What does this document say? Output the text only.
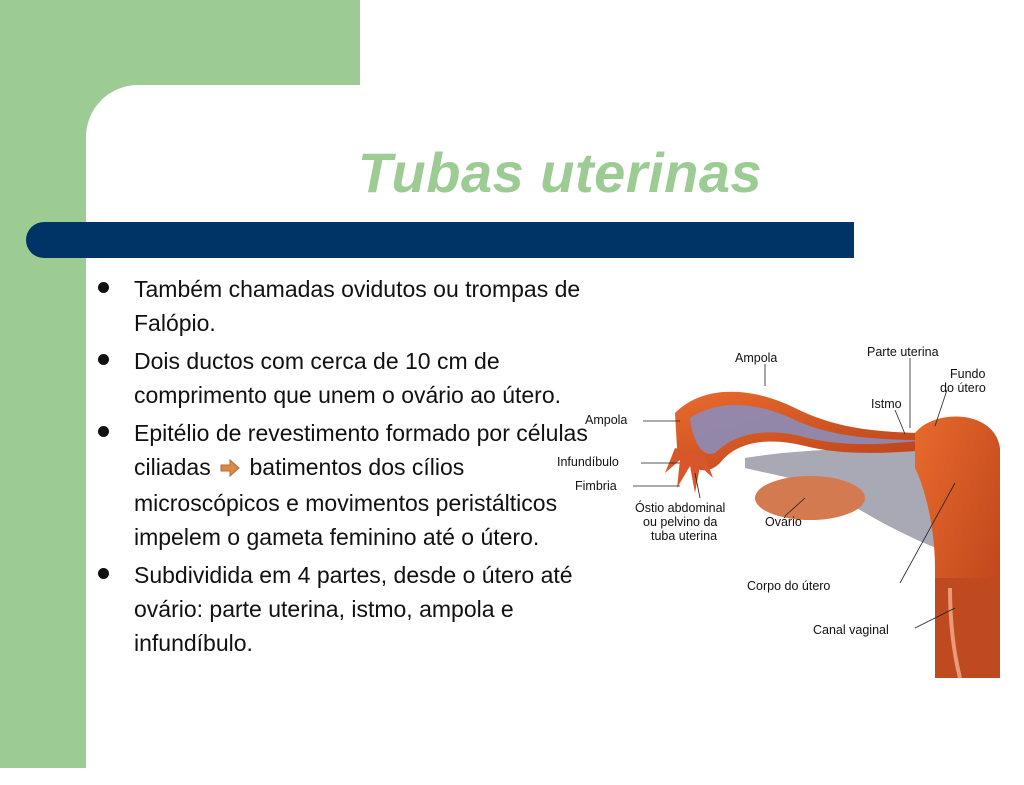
Tubas uterinas
Também chamadas ovidutos ou trompas de Falópio.
Dois ductos com cerca de 10 cm de comprimento que unem o ovário ao útero.
Epitélio de revestimento formado por células ciliadas batimentos dos cílios microscópicos e movimentos peristálticos impelem o gameta feminino até o útero.
Subdividida em 4 partes, desde o útero até ovário: parte uterina, istmo, ampola e infundíbulo.
Ampola	Parte uterina
Fundo
do útero
Istmo
Ampola
Infundíbulo
Fimbria
Óstio abdominal
ou pelvino da
tuba uterina
Ovário
Corpo do útero
Canal vaginal
